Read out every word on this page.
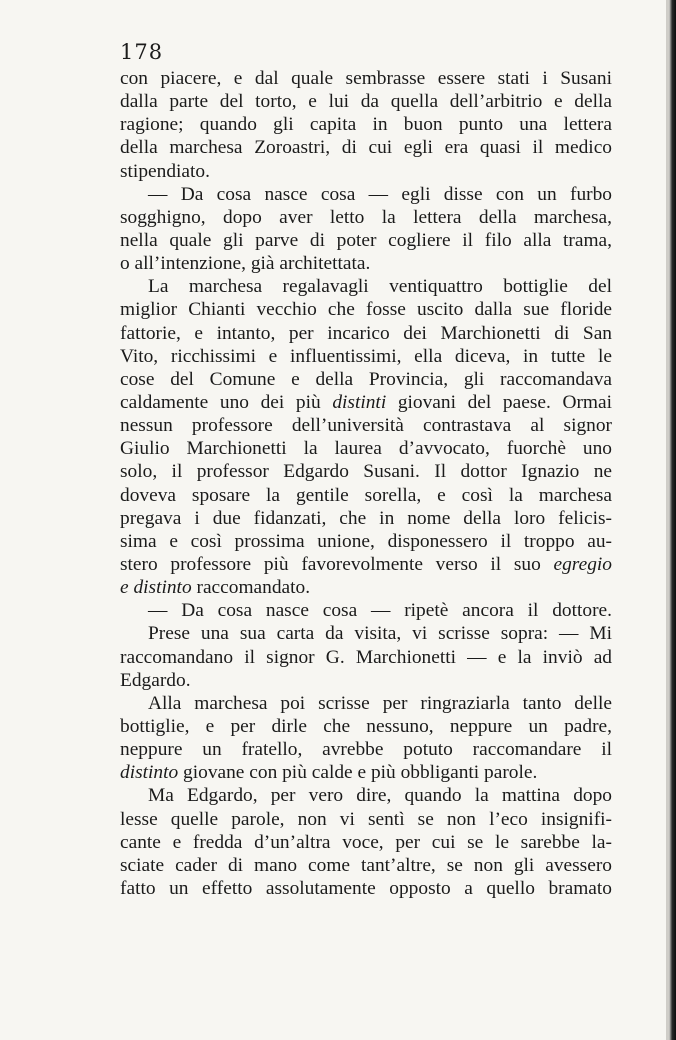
178
con piacere, e dal quale sembrasse essere stati i Susani
dalla parte del torto, e lui da quella dell’arbitrio e della
ragione; quando gli capita in buon punto una lettera
della marchesa Zoroastri, di cui egli era quasi il medico
stipendiato.
— Da cosa nasce cosa — egli disse con un furbo
sogghigno, dopo aver letto la lettera della marchesa,
nella quale gli parve di poter cogliere il filo alla trama,
o all’intenzione, già architettata.
La marchesa regalavagli ventiquattro bottiglie del
miglior Chianti vecchio che fosse uscito dalla sue floride
fattorie, e intanto, per incarico dei Marchionetti di San
Vito, ricchissimi e influentissimi, ella diceva, in tutte le
cose del Comune e della Provincia, gli raccomandava
caldamente uno dei più distinti giovani del paese. Ormai
nessun professore dell’università contrastava al signor
Giulio Marchionetti la laurea d’avvocato, fuorchè uno
solo, il professor Edgardo Susani. Il dottor Ignazio ne
doveva sposare la gentile sorella, e così la marchesa
pregava i due fidanzati, che in nome della loro felicis-
sima e così prossima unione, disponessero il troppo au-
stero professore più favorevolmente verso il suo egregio
e distinto raccomandato.
— Da cosa nasce cosa — ripetè ancora il dottore.
Prese una sua carta da visita, vi scrisse sopra: — Mi
raccomandano il signor G. Marchionetti — e la inviò ad
Edgardo.
Alla marchesa poi scrisse per ringraziarla tanto delle
bottiglie, e per dirle che nessuno, neppure un padre,
neppure un fratello, avrebbe potuto raccomandare il
distinto giovane con più calde e più obbliganti parole.
Ma Edgardo, per vero dire, quando la mattina dopo
lesse quelle parole, non vi sentì se non l’eco insignifi-
cante e fredda d’un’altra voce, per cui se le sarebbe la-
sciate cader di mano come tant’altre, se non gli avessero
fatto un effetto assolutamente opposto a quello bramato
